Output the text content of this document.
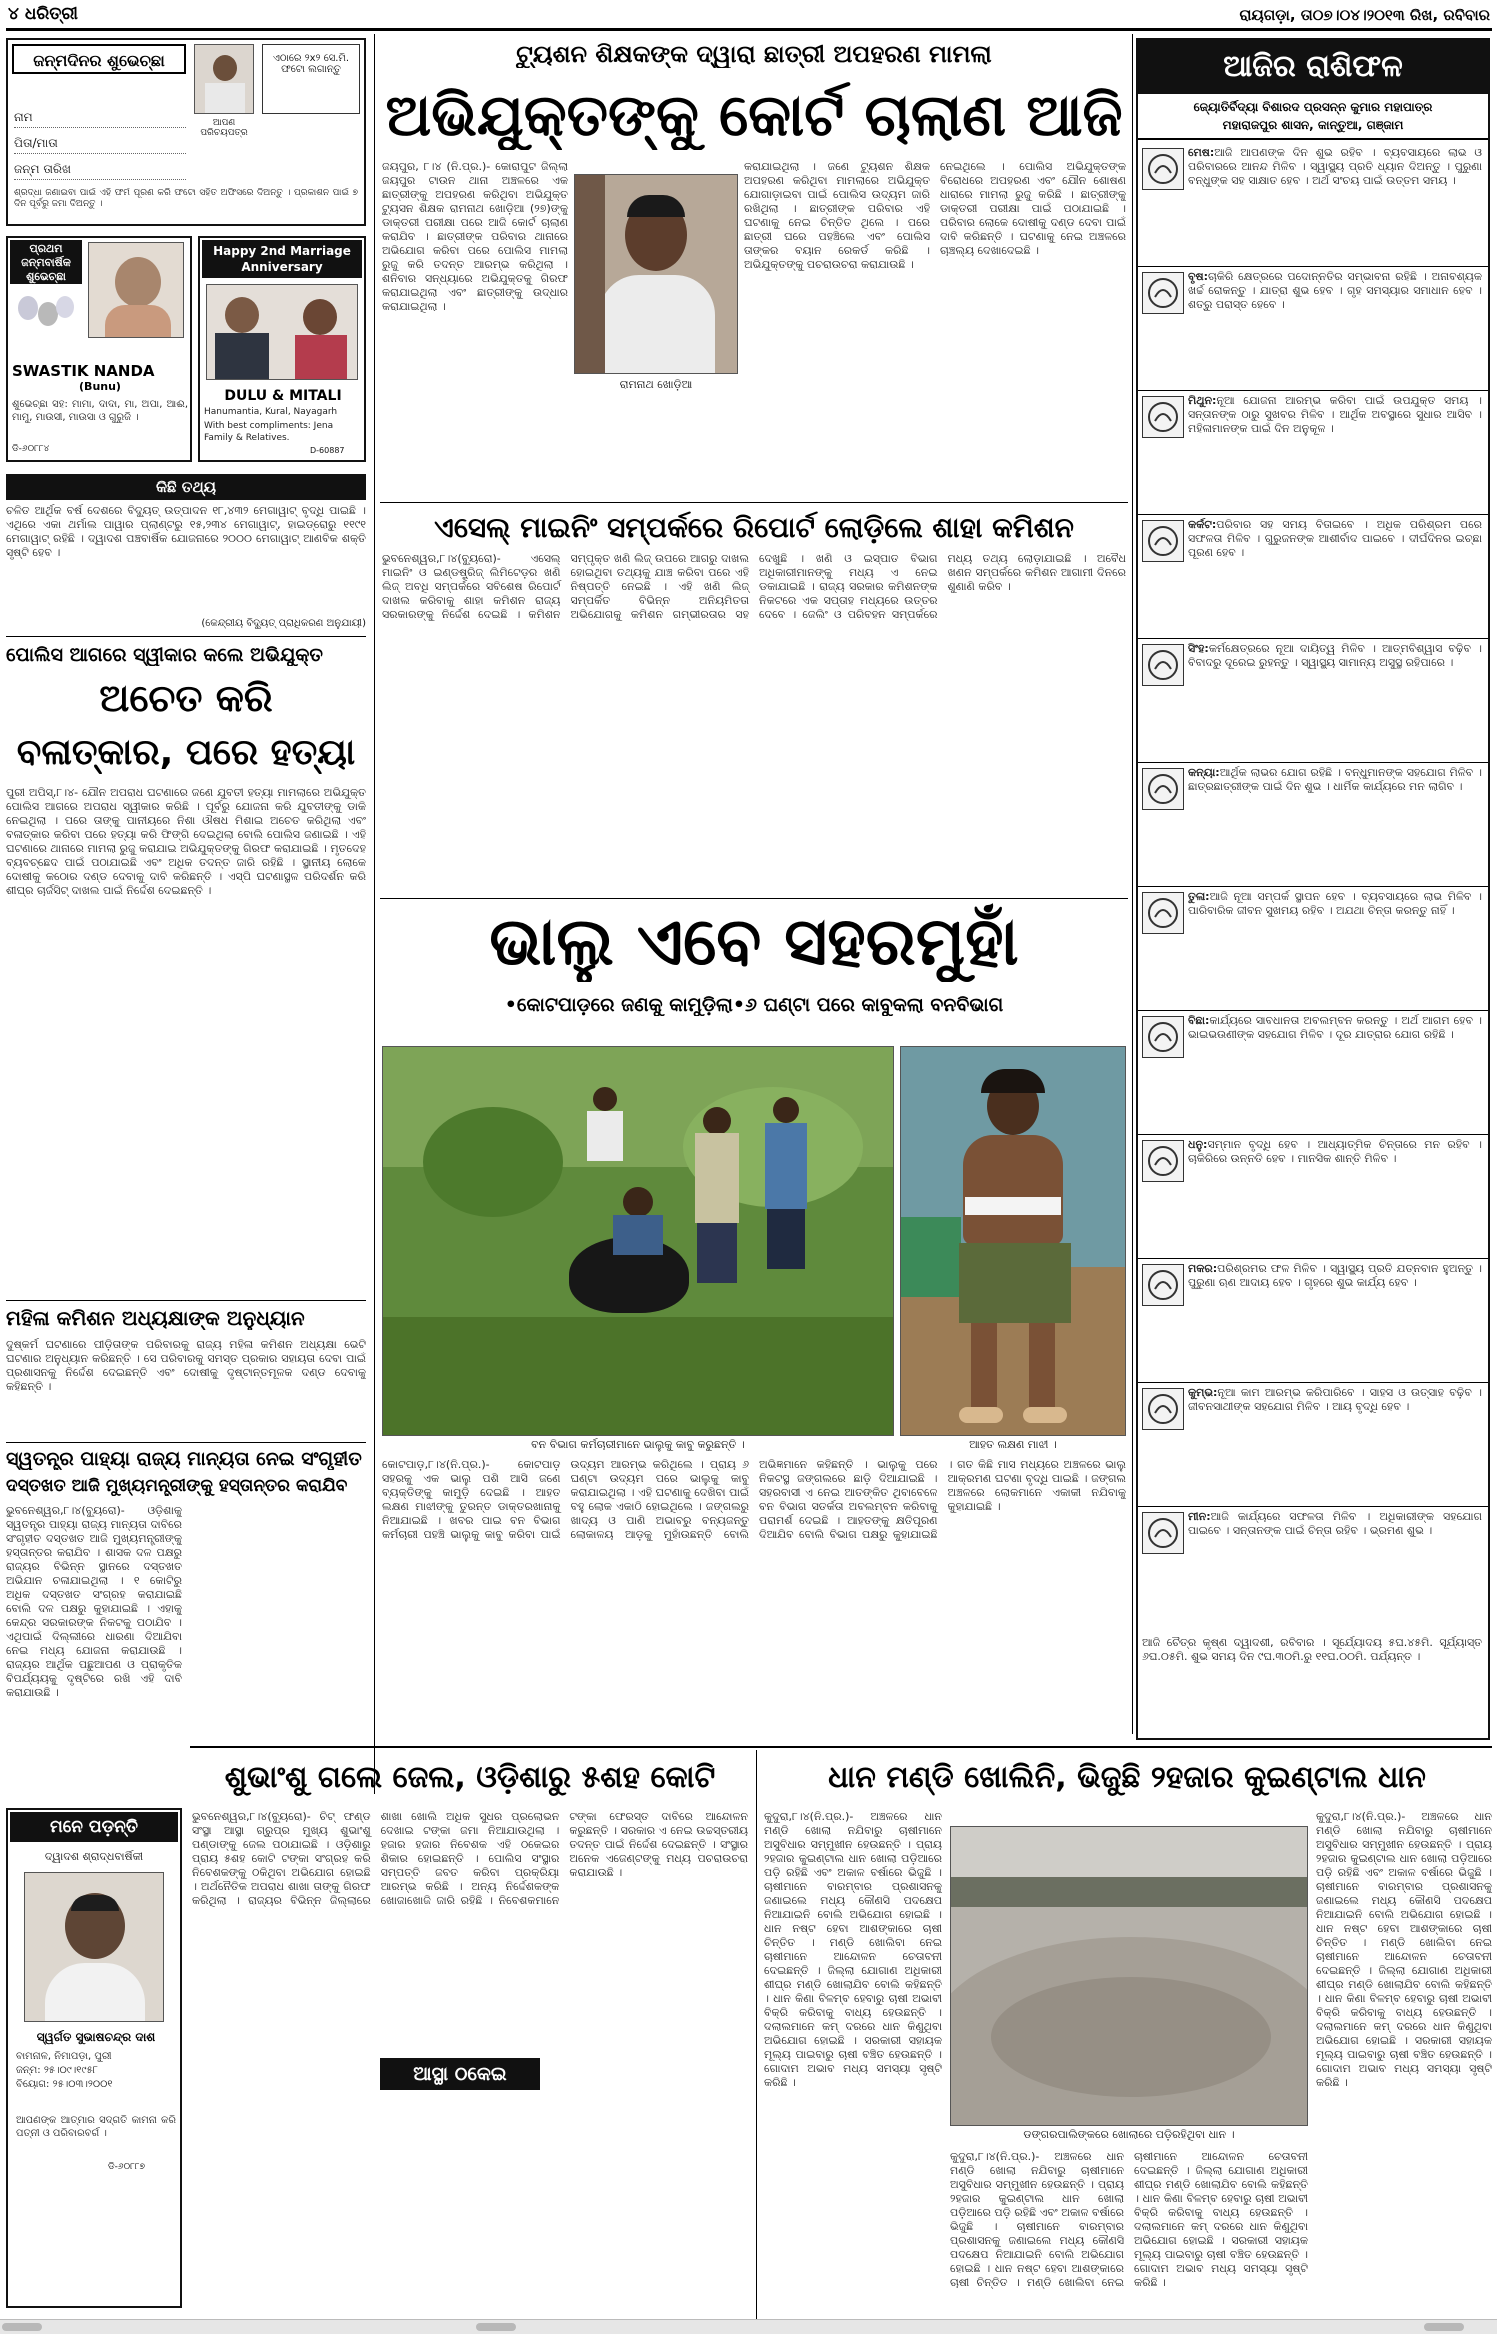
୪ ଧରିତ୍ରୀ	ରାୟଗଡ଼ା, ତା୦୭।୦୪।୨୦୧୩ ରିଖ, ରବିବାର
ଜନ୍ମଦିନର ଶୁଭେଚ୍ଛା	ଏଠାରେ ୨x୨ ସେ.ମି. ଫଟୋ ଲଗାନ୍ତୁ
ଆପଣ ପରିଚୟପତ୍ର
ନାମ
ପିତା/ମାତା
ଜନ୍ମ ତାରିଖ
ଶ୍ରଦ୍ଧା ଜଣାଇବା ପାଇଁ ଏହି ଫର୍ମ ପୂରଣ କରି ଫଟୋ ସହିତ ଅଫିସରେ ଦିଅନ୍ତୁ । ପ୍ରକାଶନ ପାଇଁ ୭ ଦିନ ପୂର୍ବରୁ ଜମା ଦିଅନ୍ତୁ ।
ପ୍ରଥମ ଜନ୍ମବାର୍ଷିକ ଶୁଭେଚ୍ଛା
SWASTIK NANDA
(Bunu)
ଶୁଭେଚ୍ଛା ସହ: ମାମା, ଦାଦା, ମା, ଅପା, ଆଈ, ମାମୁ, ମାଉସୀ, ମାଉସା ଓ ଗୁରୁଜି ।
ଡି-୬୦୮୮୪
Happy 2nd Marriage Anniversary
DULU & MITALI
Hanumantia, Kural, Nayagarh
With best compliments: Jena Family & Relatives.
D-60887
କିଛି ତଥ୍ୟ
ଚଳିତ ଆର୍ଥିକ ବର୍ଷ ଦେଶରେ ବିଦ୍ୟୁତ୍ ଉତ୍ପାଦନ ୧୮,୪୩୨ ମେଗାୱାଟ୍ ବୃଦ୍ଧି ପାଇଛି । ଏଥିରେ ଏକା ଥର୍ମାଲ ପାୱାର ପ୍ଲାଣ୍ଟରୁ ୧୫,୨୩୪ ମେଗାୱାଟ୍, ହାଇଡ୍ରୋରୁ ୧୧୯୧ ମେଗାୱାଟ୍ ରହିଛି । ଦ୍ୱାଦଶ ପଞ୍ଚବାର୍ଷିକ ଯୋଜନାରେ ୨୦୦୦ ମେଗାୱାଟ୍ ଆଣବିକ ଶକ୍ତି ସୃଷ୍ଟି ହେବ ।
(କେନ୍ଦ୍ରୀୟ ବିଦ୍ୟୁତ୍ ପ୍ରାଧିକରଣ ଅନୁଯାୟୀ)
ପୋଲିସ ଆଗରେ ସ୍ୱୀକାର କଲେ ଅଭିଯୁକ୍ତ
ଅଚେତ କରି
ବଳାତ୍କାର, ପରେ ହତ୍ୟା
ପୁରୀ ଅପିସ୍,୮।୪- ଯୌନ ଅପରାଧ ଘଟଣାରେ ଜଣେ ଯୁବତୀ ହତ୍ୟା ମାମଲାରେ ଅଭିଯୁକ୍ତ ପୋଲିସ ଆଗରେ ଅପରାଧ ସ୍ୱୀକାର କରିଛି । ପୂର୍ବରୁ ଯୋଜନା କରି ଯୁବତୀଙ୍କୁ ଡାକି ନେଇଥିଲା । ପରେ ତାଙ୍କୁ ପାନୀୟରେ ନିଶା ଔଷଧ ମିଶାଇ ଅଚେତ କରିଥିଲା ଏବଂ ବଳାତ୍କାର କରିବା ପରେ ହତ୍ୟା କରି ଫିଙ୍ଗି ଦେଇଥିଲା ବୋଲି ପୋଲିସ ଜଣାଇଛି । ଏହି ଘଟଣାରେ ଥାନାରେ ମାମଲା ରୁଜୁ କରାଯାଇ ଅଭିଯୁକ୍ତଙ୍କୁ ଗିରଫ କରାଯାଇଛି । ମୃତଦେହ ବ୍ୟବଚ୍ଛେଦ ପାଇଁ ପଠାଯାଇଛି ଏବଂ ଅଧିକ ତଦନ୍ତ ଜାରି ରହିଛି । ସ୍ଥାନୀୟ ଲୋକେ ଦୋଷୀକୁ କଠୋର ଦଣ୍ଡ ଦେବାକୁ ଦାବି କରିଛନ୍ତି । ଏସ୍ପି ଘଟଣାସ୍ଥଳ ପରିଦର୍ଶନ କରି ଶୀଘ୍ର ଚାର୍ଜସିଟ୍ ଦାଖଲ ପାଇଁ ନିର୍ଦ୍ଦେଶ ଦେଇଛନ୍ତି ।
ମହିଳା କମିଶନ ଅଧ୍ୟକ୍ଷାଙ୍କ ଅନୁଧ୍ୟାନ
ଦୁଷ୍କର୍ମ ଘଟଣାରେ ପୀଡ଼ିତାଙ୍କ ପରିବାରକୁ ରାଜ୍ୟ ମହିଳା କମିଶନ ଅଧ୍ୟକ୍ଷା ଭେଟି ଘଟଣାର ଅନୁଧ୍ୟାନ କରିଛନ୍ତି । ସେ ପରିବାରକୁ ସମସ୍ତ ପ୍ରକାର ସହାୟତା ଦେବା ପାଇଁ ପ୍ରଶାସନକୁ ନିର୍ଦ୍ଦେଶ ଦେଇଛନ୍ତି ଏବଂ ଦୋଷୀକୁ ଦୃଷ୍ଟାନ୍ତମୂଳକ ଦଣ୍ଡ ଦେବାକୁ କହିଛନ୍ତି ।
ସ୍ୱତନ୍ତ୍ର ପାହ୍ୟା ରାଜ୍ୟ ମାନ୍ୟତା ନେଇ ସଂଗୃହୀତ
ଦସ୍ତଖତ ଆଜି ମୁଖ୍ୟମନ୍ତ୍ରୀଙ୍କୁ ହସ୍ତାନ୍ତର କରାଯିବ
ଭୁବନେଶ୍ୱର,୮।୪(ବ୍ୟୁରୋ)- ଓଡ଼ିଶାକୁ ସ୍ୱତନ୍ତ୍ର ପାହ୍ୟା ରାଜ୍ୟ ମାନ୍ୟତା ଦାବିରେ ସଂଗୃହୀତ ଦସ୍ତଖତ ଆଜି ମୁଖ୍ୟମନ୍ତ୍ରୀଙ୍କୁ ହସ୍ତାନ୍ତର କରାଯିବ । ଶାସକ ଦଳ ପକ୍ଷରୁ ରାଜ୍ୟର ବିଭିନ୍ନ ସ୍ଥାନରେ ଦସ୍ତଖତ ଅଭିଯାନ ଚଳାଯାଇଥିଲା । ୧ କୋଟିରୁ ଅଧିକ ଦସ୍ତଖତ ସଂଗ୍ରହ କରାଯାଇଛି ବୋଲି ଦଳ ପକ୍ଷରୁ କୁହାଯାଇଛି । ଏହାକୁ କେନ୍ଦ୍ର ସରକାରଙ୍କ ନିକଟକୁ ପଠାଯିବ । ଏଥିପାଇଁ ଦିଲ୍ଲୀରେ ଧାରଣା ଦିଆଯିବା ନେଇ ମଧ୍ୟ ଯୋଜନା କରାଯାଉଛି । ରାଜ୍ୟର ଆର୍ଥିକ ପଛୁଆପଣ ଓ ପ୍ରାକୃତିକ ବିପର୍ଯ୍ୟୟକୁ ଦୃଷ୍ଟିରେ ରଖି ଏହି ଦାବି କରାଯାଉଛି ।
ମନେ ପଡ଼ନ୍ତି
ଦ୍ୱାଦଶ ଶ୍ରାଦ୍ଧବାର୍ଷିକୀ
ସ୍ୱର୍ଗତ ସୁଭାଷଚନ୍ଦ୍ର ଦାଶ
ବାମନାଳ, ନିମାପଡ଼ା, ପୁରୀ
ଜନ୍ମ: ୨୫।୦୯।୧୯୫୮
ବିୟୋଗ: ୨୫।୦୩।୨୦୦୧
ଆପଣଙ୍କ ଆତ୍ମାର ସଦ୍ଗତି କାମନା କରି ପତ୍ନୀ ଓ ପରିବାରବର୍ଗ ।
ଡି-୬୦୮୮୭
ଟ୍ୟୁଶନ ଶିକ୍ଷକଙ୍କ ଦ୍ୱାରା ଛାତ୍ରୀ ଅପହରଣ ମାମଲା
ଅଭିଯୁକ୍ତଙ୍କୁ କୋର୍ଟ ଚାଲାଣ ଆଜି
ଜୟପୁର, ୮।୪ (ନି.ପ୍ର.)- କୋରାପୁଟ ଜିଲ୍ଲା ଜୟପୁର ଟାଉନ ଥାନା ଅଞ୍ଚଳରେ ଏକ ଛାତ୍ରୀଙ୍କୁ ଅପହରଣ କରିଥିବା ଅଭିଯୁକ୍ତ ଟ୍ୟୁସନ ଶିକ୍ଷକ ରାମନାଥ ଖୋଡ଼ିଆ (୨୭)ଙ୍କୁ ଡାକ୍ତରୀ ପରୀକ୍ଷା ପରେ ଆଜି କୋର୍ଟ ଚାଲାଣ କରାଯିବ । ଛାତ୍ରୀଙ୍କ ପରିବାର ଥାନାରେ ଅଭିଯୋଗ କରିବା ପରେ ପୋଲିସ ମାମଲା ରୁଜୁ କରି ତଦନ୍ତ ଆରମ୍ଭ କରିଥିଲା । ଶନିବାର ସନ୍ଧ୍ୟାରେ ଅଭିଯୁକ୍ତକୁ ଗିରଫ କରାଯାଇଥିଲା ଏବଂ ଛାତ୍ରୀଙ୍କୁ ଉଦ୍ଧାର କରାଯାଇଥିଲା ।
ରାମନାଥ ଖୋଡ଼ିଆ
କରାଯାଇଥିଲା । ଜଣେ ଟ୍ୟୁଶନ ଶିକ୍ଷକ ଅପହରଣ କରିଥିବା ମାମଲାରେ ଅଭିଯୁକ୍ତ ଯୋଗାଡ଼ାଇବା ପାଇଁ ପୋଲିସ ଉଦ୍ୟମ ଜାରି ରଖିଥିଲା । ଛାତ୍ରୀଙ୍କ ପରିବାର ଏହି ଘଟଣାକୁ ନେଇ ଚିନ୍ତିତ ଥିଲେ । ପରେ ଛାତ୍ରୀ ଘରେ ପହଞ୍ଚିଲେ ଏବଂ ପୋଲିସ ତାଙ୍କର ବୟାନ ରେକର୍ଡ କରିଛି । ଅଭିଯୁକ୍ତଙ୍କୁ ପଚରାଉଚରା କରାଯାଉଛି ।
ନେଇଥିଲେ । ପୋଲିସ ଅଭିଯୁକ୍ତଙ୍କ ବିରୋଧରେ ଅପହରଣ ଏବଂ ଯୌନ ଶୋଷଣ ଧାରାରେ ମାମଲା ରୁଜୁ କରିଛି । ଛାତ୍ରୀଙ୍କୁ ଡାକ୍ତରୀ ପରୀକ୍ଷା ପାଇଁ ପଠାଯାଇଛି । ପରିବାର ଲୋକେ ଦୋଷୀକୁ ଦଣ୍ଡ ଦେବା ପାଇଁ ଦାବି କରିଛନ୍ତି । ଘଟଣାକୁ ନେଇ ଅଞ୍ଚଳରେ ଚାଞ୍ଚଲ୍ୟ ଦେଖାଦେଇଛି ।
ଏସେଲ୍ ମାଇନିଂ ସମ୍ପର୍କରେ ରିପୋର୍ଟ ଲୋଡ଼ିଲେ ଶାହା କମିଶନ
ଭୁବନେଶ୍ୱର,୮।୪(ବ୍ୟୁରୋ)- ଏସେଲ୍ ମାଇନିଂ ଓ ଇଣ୍ଡଷ୍ଟ୍ରିଜ୍ ଲିମିଟେଡ଼ର ଖଣି ଲିଜ୍ ଅବଧି ସମ୍ପର୍କରେ ସବିଶେଷ ରିପୋର୍ଟ ଦାଖଲ କରିବାକୁ ଶାହା କମିଶନ ରାଜ୍ୟ ସରକାରଙ୍କୁ ନିର୍ଦ୍ଦେଶ ଦେଇଛି । କମିଶନ ସମ୍ପୃକ୍ତ ଖଣି ଲିଜ୍ ଉପରେ ଆଗରୁ ଦାଖଲ ହୋଇଥିବା ତଥ୍ୟକୁ ଯାଞ୍ଚ କରିବା ପରେ ଏହି ନିଷ୍ପତ୍ତି ନେଇଛି । ଏହି ଖଣି ଲିଜ୍ ସମ୍ପର୍କିତ ବିଭିନ୍ନ ଅନିୟମିତତା ଅଭିଯୋଗକୁ କମିଶନ ଗମ୍ଭୀରତାର ସହ ଦେଖୁଛି । ଖଣି ଓ ଇସ୍ପାତ ବିଭାଗ ଅଧିକାରୀମାନଙ୍କୁ ମଧ୍ୟ ଏ ନେଇ ଡକାଯାଇଛି । ରାଜ୍ୟ ସରକାର କମିଶନଙ୍କ ନିକଟରେ ଏକ ସପ୍ତାହ ମଧ୍ୟରେ ଉତ୍ତର ଦେବେ । ଜେଲିଂ ଓ ପରିବହନ ସମ୍ପର୍କରେ ମଧ୍ୟ ତଥ୍ୟ ଲୋଡ଼ାଯାଇଛି । ଅବୈଧ ଖଣନ ସମ୍ପର୍କରେ କମିଶନ ଆଗାମୀ ଦିନରେ ଶୁଣାଣି କରିବ ।
ଭାଲୁ ଏବେ ସହରମୁହାଁ
•କୋଟପାଡ଼ରେ ଜଣକୁ କାମୁଡ଼ିଲା•୬ ଘଣ୍ଟା ପରେ କାବୁକଲା ବନବିଭାଗ
ବନ ବିଭାଗ କର୍ମଚାରୀମାନେ ଭାଲୁକୁ କାବୁ କରୁଛନ୍ତି ।	ଆହତ ଲକ୍ଷଣ ମାଝୀ ।
କୋଟପାଡ଼,୮।୪(ନି.ପ୍ର.)- କୋଟପାଡ଼ ସହରକୁ ଏକ ଭାଲୁ ପଶି ଆସି ଜଣେ ବ୍ୟକ୍ତିଙ୍କୁ କାମୁଡ଼ି ଦେଇଛି । ଆହତ ଲକ୍ଷଣ ମାଝୀଙ୍କୁ ତୁରନ୍ତ ଡାକ୍ତରଖାନାକୁ ନିଆଯାଇଛି । ଖବର ପାଇ ବନ ବିଭାଗ କର୍ମଚାରୀ ପହଞ୍ଚି ଭାଲୁକୁ କାବୁ କରିବା ପାଇଁ ଉଦ୍ୟମ ଆରମ୍ଭ କରିଥିଲେ । ପ୍ରାୟ ୬ ଘଣ୍ଟା ଉଦ୍ୟମ ପରେ ଭାଲୁକୁ କାବୁ କରାଯାଇଥିଲା । ଏହି ଘଟଣାକୁ ଦେଖିବା ପାଇଁ ବହୁ ଲୋକ ଏକାଠି ହୋଇଥିଲେ । ଜଙ୍ଗଲରୁ ଖାଦ୍ୟ ଓ ପାଣି ଅଭାବରୁ ବନ୍ୟଜନ୍ତୁ ଲୋକାଳୟ ଆଡ଼କୁ ମୁହାଁଉଛନ୍ତି ବୋଲି ଅଭିଜ୍ଞମାନେ କହିଛନ୍ତି । ଭାଲୁକୁ ପରେ ନିକଟସ୍ଥ ଜଙ୍ଗଲରେ ଛାଡ଼ି ଦିଆଯାଇଛି । ସହରବାସୀ ଏ ନେଇ ଆତଙ୍କିତ ଥିବାବେଳେ ବନ ବିଭାଗ ସତର୍କତା ଅବଲମ୍ବନ କରିବାକୁ ପରାମର୍ଶ ଦେଇଛି । ଆହତଙ୍କୁ କ୍ଷତିପୂରଣ ଦିଆଯିବ ବୋଲି ବିଭାଗ ପକ୍ଷରୁ କୁହାଯାଇଛି । ଗତ କିଛି ମାସ ମଧ୍ୟରେ ଅଞ୍ଚଳରେ ଭାଲୁ ଆକ୍ରମଣ ଘଟଣା ବୃଦ୍ଧି ପାଇଛି । ଜଙ୍ଗଲ ଅଞ୍ଚଳରେ ଲୋକମାନେ ଏକାକୀ ନଯିବାକୁ କୁହାଯାଇଛି ।
ଆଜିର ରାଶିଫଳ
ଜ୍ୟୋତିର୍ବିଦ୍ୟା ବିଶାରଦ ପ୍ରସନ୍ନ କୁମାର ମହାପାତ୍ର
ମହାରାଜପୁର ଶାସନ, କାନ୍ତୁଆ, ଗଞ୍ଜାମ
ମେଷ:ଆଜି ଆପଣଙ୍କ ଦିନ ଶୁଭ ରହିବ । ବ୍ୟବସାୟରେ ଲାଭ ଓ ପରିବାରରେ ଆନନ୍ଦ ମିଳିବ । ସ୍ୱାସ୍ଥ୍ୟ ପ୍ରତି ଧ୍ୟାନ ଦିଅନ୍ତୁ । ପୁରୁଣା ବନ୍ଧୁଙ୍କ ସହ ସାକ୍ଷାତ ହେବ । ଅର୍ଥ ସଂଚୟ ପାଇଁ ଉତ୍ତମ ସମୟ ।
ବୃଷ:ଚାକିରି କ୍ଷେତ୍ରରେ ପଦୋନ୍ନତିର ସମ୍ଭାବନା ରହିଛି । ଅନାବଶ୍ୟକ ଖର୍ଚ୍ଚ ରୋକନ୍ତୁ । ଯାତ୍ରା ଶୁଭ ହେବ । ଗୃହ ସମସ୍ୟାର ସମାଧାନ ହେବ । ଶତ୍ରୁ ପରାସ୍ତ ହେବେ ।
ମିଥୁନ:ନୂଆ ଯୋଜନା ଆରମ୍ଭ କରିବା ପାଇଁ ଉପଯୁକ୍ତ ସମୟ । ସନ୍ତାନଙ୍କ ଠାରୁ ସୁଖବର ମିଳିବ । ଆର୍ଥିକ ଅବସ୍ଥାରେ ସୁଧାର ଆସିବ । ମହିଳାମାନଙ୍କ ପାଇଁ ଦିନ ଅନୁକୂଳ ।
କର୍କଟ:ପରିବାର ସହ ସମୟ ବିତାଇବେ । ଅଧିକ ପରିଶ୍ରମ ପରେ ସଫଳତା ମିଳିବ । ଗୁରୁଜନଙ୍କ ଆଶୀର୍ବାଦ ପାଇବେ । ଦୀର୍ଘଦିନର ଇଚ୍ଛା ପୂରଣ ହେବ ।
ସିଂହ:କର୍ମକ୍ଷେତ୍ରରେ ନୂଆ ଦାୟିତ୍ୱ ମିଳିବ । ଆତ୍ମବିଶ୍ୱାସ ବଢ଼ିବ । ବିବାଦରୁ ଦୂରେଇ ରୁହନ୍ତୁ । ସ୍ୱାସ୍ଥ୍ୟ ସାମାନ୍ୟ ଅସୁସ୍ଥ ରହିପାରେ ।
କନ୍ୟା:ଆର୍ଥିକ ଲାଭର ଯୋଗ ରହିଛି । ବନ୍ଧୁମାନଙ୍କ ସହଯୋଗ ମିଳିବ । ଛାତ୍ରଛାତ୍ରୀଙ୍କ ପାଇଁ ଦିନ ଶୁଭ । ଧାର୍ମିକ କାର୍ଯ୍ୟରେ ମନ ଲାଗିବ ।
ତୁଳା:ଆଜି ନୂଆ ସମ୍ପର୍କ ସ୍ଥାପନ ହେବ । ବ୍ୟବସାୟରେ ଲାଭ ମିଳିବ । ପାରିବାରିକ ଜୀବନ ସୁଖମୟ ରହିବ । ଅଯଥା ଚିନ୍ତା କରନ୍ତୁ ନାହିଁ ।
ବିଛା:କାର୍ଯ୍ୟରେ ସାବଧାନତା ଅବଲମ୍ବନ କରନ୍ତୁ । ଅର୍ଥ ଆଗମ ହେବ । ଭାଇଭଉଣୀଙ୍କ ସହଯୋଗ ମିଳିବ । ଦୂର ଯାତ୍ରାର ଯୋଗ ରହିଛି ।
ଧନୁ:ସମ୍ମାନ ବୃଦ୍ଧି ହେବ । ଆଧ୍ୟାତ୍ମିକ ଚିନ୍ତାରେ ମନ ରହିବ । ଚାକିରିରେ ଉନ୍ନତି ହେବ । ମାନସିକ ଶାନ୍ତି ମିଳିବ ।
ମକର:ପରିଶ୍ରମର ଫଳ ମିଳିବ । ସ୍ୱାସ୍ଥ୍ୟ ପ୍ରତି ଯତ୍ନବାନ ହୁଅନ୍ତୁ । ପୁରୁଣା ଋଣ ଆଦାୟ ହେବ । ଗୃହରେ ଶୁଭ କାର୍ଯ୍ୟ ହେବ ।
କୁମ୍ଭ:ନୂଆ କାମ ଆରମ୍ଭ କରିପାରିବେ । ସାହସ ଓ ଉତ୍ସାହ ବଢ଼ିବ । ଜୀବନସାଥୀଙ୍କ ସହଯୋଗ ମିଳିବ । ଆୟ ବୃଦ୍ଧି ହେବ ।
ମୀନ:ଆଜି କାର୍ଯ୍ୟରେ ସଫଳତା ମିଳିବ । ଅଧିକାରୀଙ୍କ ସହଯୋଗ ପାଇବେ । ସନ୍ତାନଙ୍କ ପାଇଁ ଚିନ୍ତା ରହିବ । ଭ୍ରମଣ ଶୁଭ ।
ଆଜି ଚୈତ୍ର କୃଷ୍ଣ ଦ୍ୱାଦଶୀ, ରବିବାର । ସୂର୍ଯ୍ୟୋଦୟ ୫ଘ.୪୫ମି. ସୂର୍ଯ୍ୟାସ୍ତ ୬ଘ.୦୫ମି. ଶୁଭ ସମୟ ଦିନ ୯ଘ.୩୦ମି.ରୁ ୧୧ଘ.୦୦ମି. ପର୍ଯ୍ୟନ୍ତ ।
ଶୁଭାଂଶୁ ଗଲେ ଜେଲ, ଓଡ଼ିଶାରୁ ୫ଶହ କୋଟି
ଭୁବନେଶ୍ୱର,୮।୪(ବ୍ୟୁରୋ)- ଚିଟ୍ ଫଣ୍ଡ ସଂସ୍ଥା ଆସ୍ଥା ଗ୍ରୁପ୍ର ମୁଖ୍ୟ ଶୁଭାଂଶୁ ପଣ୍ଡାଙ୍କୁ ଜେଲ ପଠାଯାଇଛି । ଓଡ଼ିଶାରୁ ପ୍ରାୟ ୫ଶହ କୋଟି ଟଙ୍କା ସଂଗ୍ରହ କରି ନିବେଶକଙ୍କୁ ଠକିଥିବା ଅଭିଯୋଗ ହୋଇଛି । ଅର୍ଥନୈତିକ ଅପରାଧ ଶାଖା ତାଙ୍କୁ ଗିରଫ କରିଥିଲା । ରାଜ୍ୟର ବିଭିନ୍ନ ଜିଲ୍ଲାରେ ଶାଖା ଖୋଲି ଅଧିକ ସୁଧର ପ୍ରଲୋଭନ ଦେଖାଇ ଟଙ୍କା ଜମା ନିଆଯାଉଥିଲା । ହଜାର ହଜାର ନିବେଶକ ଏହି ଠକେଇର ଶିକାର ହୋଇଛନ୍ତି । ପୋଲିସ ସଂସ୍ଥାର ସମ୍ପତ୍ତି ଜବତ କରିବା ପ୍ରକ୍ରିୟା ଆରମ୍ଭ କରିଛି । ଅନ୍ୟ ନିର୍ଦ୍ଦେଶକଙ୍କ ଖୋଜାଖୋଜି ଜାରି ରହିଛି । ନିବେଶକମାନେ ଟଙ୍କା ଫେରସ୍ତ ଦାବିରେ ଆନ୍ଦୋଳନ କରୁଛନ୍ତି । ସରକାର ଏ ନେଇ ଉଚ୍ଚସ୍ତରୀୟ ତଦନ୍ତ ପାଇଁ ନିର୍ଦ୍ଦେଶ ଦେଇଛନ୍ତି । ସଂସ୍ଥାର ଅନେକ ଏଜେଣ୍ଟଙ୍କୁ ମଧ୍ୟ ପଚରାଉଚରା କରାଯାଉଛି ।
ଆସ୍ଥା ଠକେଇ
ଧାନ ମଣ୍ଡି ଖୋଲିନି, ଭିଜୁଛି ୨ହଜାର କୁଇଣ୍ଟାଲ ଧାନ
କୁଦୁରା,୮।୪(ନି.ପ୍ର.)- ଅଞ୍ଚଳରେ ଧାନ ମଣ୍ଡି ଖୋଲା ନଯିବାରୁ ଚାଷୀମାନେ ଅସୁବିଧାର ସମ୍ମୁଖୀନ ହେଉଛନ୍ତି । ପ୍ରାୟ ୨ହଜାର କୁଇଣ୍ଟାଲ ଧାନ ଖୋଲା ପଡ଼ିଆରେ ପଡ଼ି ରହିଛି ଏବଂ ଅକାଳ ବର୍ଷାରେ ଭିଜୁଛି । ଚାଷୀମାନେ ବାରମ୍ବାର ପ୍ରଶାସନକୁ ଜଣାଇଲେ ମଧ୍ୟ କୌଣସି ପଦକ୍ଷେପ ନିଆଯାଇନି ବୋଲି ଅଭିଯୋଗ ହୋଇଛି । ଧାନ ନଷ୍ଟ ହେବା ଆଶଙ୍କାରେ ଚାଷୀ ଚିନ୍ତିତ । ମଣ୍ଡି ଖୋଲିବା ନେଇ ଚାଷୀମାନେ ଆନ୍ଦୋଳନ ଚେତାବନୀ ଦେଇଛନ୍ତି । ଜିଲ୍ଲା ଯୋଗାଣ ଅଧିକାରୀ ଶୀଘ୍ର ମଣ୍ଡି ଖୋଲାଯିବ ବୋଲି କହିଛନ୍ତି । ଧାନ କିଣା ବିଳମ୍ବ ହେବାରୁ ଚାଷୀ ଅଭାବୀ ବିକ୍ରି କରିବାକୁ ବାଧ୍ୟ ହେଉଛନ୍ତି । ଦଲାଲମାନେ କମ୍ ଦରରେ ଧାନ କିଣୁଥିବା ଅଭିଯୋଗ ହୋଇଛି । ସରକାରୀ ସହାୟକ ମୂଲ୍ୟ ପାଇବାରୁ ଚାଷୀ ବଞ୍ଚିତ ହେଉଛନ୍ତି । ଗୋଦାମ ଅଭାବ ମଧ୍ୟ ସମସ୍ୟା ସୃଷ୍ଟି କରିଛି ।
ଡଙ୍ଗରପାଲିଙ୍କରେ ଖୋଲାରେ ପଡ଼ିରହିଥିବା ଧାନ ।
କୁଦୁରା,୮।୪(ନି.ପ୍ର.)- ଅଞ୍ଚଳରେ ଧାନ ମଣ୍ଡି ଖୋଲା ନଯିବାରୁ ଚାଷୀମାନେ ଅସୁବିଧାର ସମ୍ମୁଖୀନ ହେଉଛନ୍ତି । ପ୍ରାୟ ୨ହଜାର କୁଇଣ୍ଟାଲ ଧାନ ଖୋଲା ପଡ଼ିଆରେ ପଡ଼ି ରହିଛି ଏବଂ ଅକାଳ ବର୍ଷାରେ ଭିଜୁଛି । ଚାଷୀମାନେ ବାରମ୍ବାର ପ୍ରଶାସନକୁ ଜଣାଇଲେ ମଧ୍ୟ କୌଣସି ପଦକ୍ଷେପ ନିଆଯାଇନି ବୋଲି ଅଭିଯୋଗ ହୋଇଛି । ଧାନ ନଷ୍ଟ ହେବା ଆଶଙ୍କାରେ ଚାଷୀ ଚିନ୍ତିତ । ମଣ୍ଡି ଖୋଲିବା ନେଇ ଚାଷୀମାନେ ଆନ୍ଦୋଳନ ଚେତାବନୀ ଦେଇଛନ୍ତି । ଜିଲ୍ଲା ଯୋଗାଣ ଅଧିକାରୀ ଶୀଘ୍ର ମଣ୍ଡି ଖୋଲାଯିବ ବୋଲି କହିଛନ୍ତି । ଧାନ କିଣା ବିଳମ୍ବ ହେବାରୁ ଚାଷୀ ଅଭାବୀ ବିକ୍ରି କରିବାକୁ ବାଧ୍ୟ ହେଉଛନ୍ତି । ଦଲାଲମାନେ କମ୍ ଦରରେ ଧାନ କିଣୁଥିବା ଅଭିଯୋଗ ହୋଇଛି । ସରକାରୀ ସହାୟକ ମୂଲ୍ୟ ପାଇବାରୁ ଚାଷୀ ବଞ୍ଚିତ ହେଉଛନ୍ତି । ଗୋଦାମ ଅଭାବ ମଧ୍ୟ ସମସ୍ୟା ସୃଷ୍ଟି କରିଛି ।
କୁଦୁରା,୮।୪(ନି.ପ୍ର.)- ଅଞ୍ଚଳରେ ଧାନ ମଣ୍ଡି ଖୋଲା ନଯିବାରୁ ଚାଷୀମାନେ ଅସୁବିଧାର ସମ୍ମୁଖୀନ ହେଉଛନ୍ତି । ପ୍ରାୟ ୨ହଜାର କୁଇଣ୍ଟାଲ ଧାନ ଖୋଲା ପଡ଼ିଆରେ ପଡ଼ି ରହିଛି ଏବଂ ଅକାଳ ବର୍ଷାରେ ଭିଜୁଛି । ଚାଷୀମାନେ ବାରମ୍ବାର ପ୍ରଶାସନକୁ ଜଣାଇଲେ ମଧ୍ୟ କୌଣସି ପଦକ୍ଷେପ ନିଆଯାଇନି ବୋଲି ଅଭିଯୋଗ ହୋଇଛି । ଧାନ ନଷ୍ଟ ହେବା ଆଶଙ୍କାରେ ଚାଷୀ ଚିନ୍ତିତ । ମଣ୍ଡି ଖୋଲିବା ନେଇ ଚାଷୀମାନେ ଆନ୍ଦୋଳନ ଚେତାବନୀ ଦେଇଛନ୍ତି । ଜିଲ୍ଲା ଯୋଗାଣ ଅଧିକାରୀ ଶୀଘ୍ର ମଣ୍ଡି ଖୋଲାଯିବ ବୋଲି କହିଛନ୍ତି । ଧାନ କିଣା ବିଳମ୍ବ ହେବାରୁ ଚାଷୀ ଅଭାବୀ ବିକ୍ରି କରିବାକୁ ବାଧ୍ୟ ହେଉଛନ୍ତି । ଦଲାଲମାନେ କମ୍ ଦରରେ ଧାନ କିଣୁଥିବା ଅଭିଯୋଗ ହୋଇଛି । ସରକାରୀ ସହାୟକ ମୂଲ୍ୟ ପାଇବାରୁ ଚାଷୀ ବଞ୍ଚିତ ହେଉଛନ୍ତି । ଗୋଦାମ ଅଭାବ ମଧ୍ୟ ସମସ୍ୟା ସୃଷ୍ଟି କରିଛି ।
